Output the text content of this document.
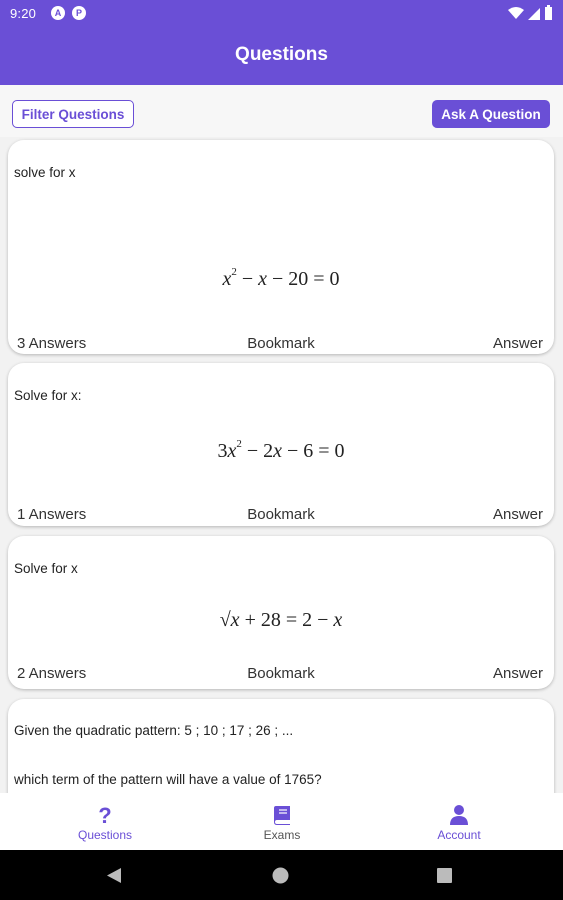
9:20	A	P
Questions
Filter Questions	Ask A Question
solve for x
$x^2 - x - 20 = 0$
3 Answers	Bookmark	Answer
Solve for x:
$3x^2 - 2x - 6 = 0$
1 Answers	Bookmark	Answer
Solve for x
√x + 28 = 2 − x
2 Answers	Bookmark	Answer
Given the quadratic pattern: 5 ; 10 ; 17 ; 26 ; ...
which term of the pattern will have a value of 1765?
?
Questions	Exams	Account
